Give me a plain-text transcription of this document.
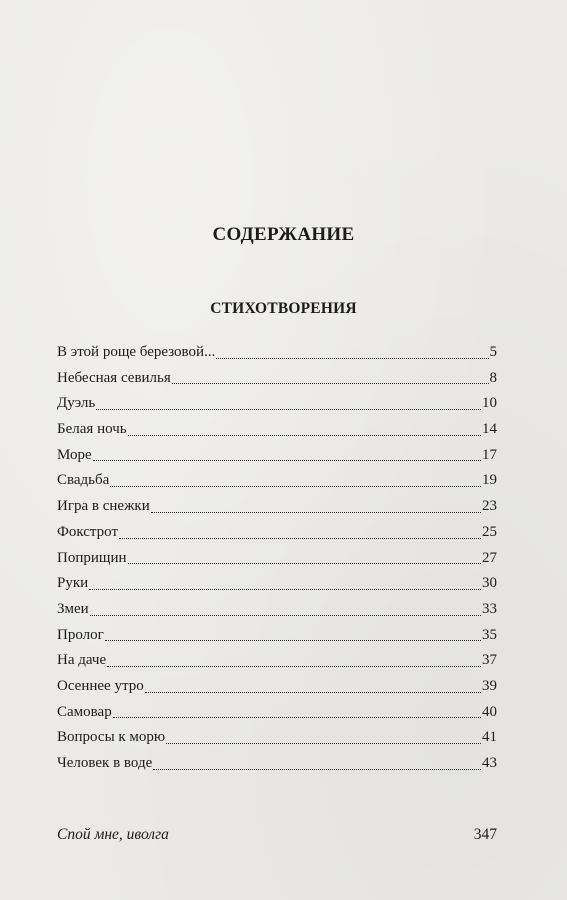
СОДЕРЖАНИЕ
СТИХОТВОРЕНИЯ
В этой роще березовой...	5
Небесная севилья	8
Дуэль	10
Белая ночь	14
Море	17
Свадьба	19
Игра в снежки	23
Фокстрот	25
Поприщин	27
Руки	30
Змеи	33
Пролог	35
На даче	37
Осеннее утро	39
Самовар	40
Вопросы к морю	41
Человек в воде	43
Спой мне, иволга	347
